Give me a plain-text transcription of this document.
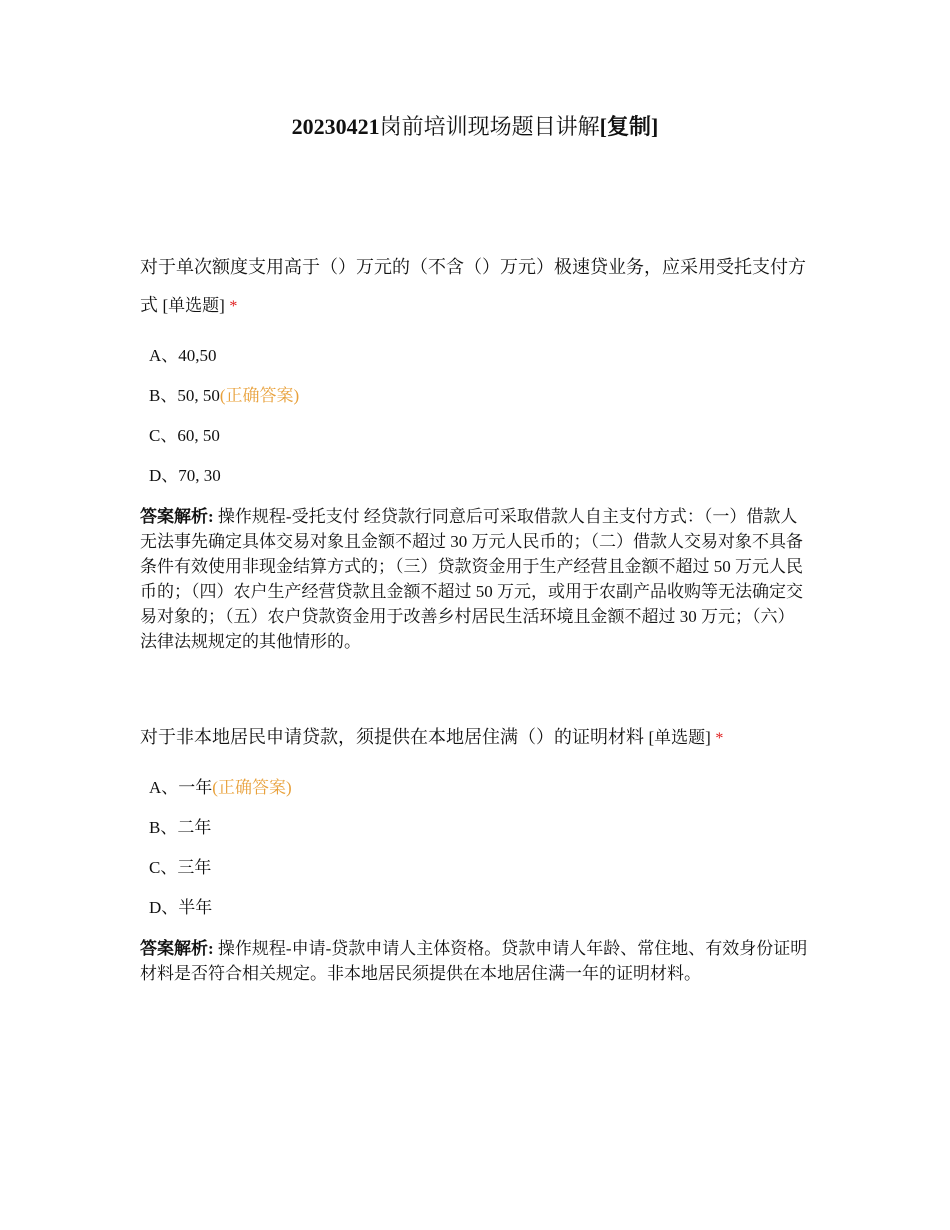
20230421岗前培训现场题目讲解[复制]

对于单次额度支用高于（）万元的（不含（）万元）极速贷业务，应采用受托支付方式 [单选题] *

A、40,50
B、50, 50(正确答案)
C、60, 50
D、70, 30
答案解析: 操作规程-受托支付 经贷款行同意后可采取借款人自主支付方式：（一）借款人无法事先确定具体交易对象且金额不超过 30 万元人民币的；（二）借款人交易对象不具备条件有效使用非现金结算方式的；（三）贷款资金用于生产经营且金额不超过 50 万元人民币的；（四）农户生产经营贷款且金额不超过 50 万元，或用于农副产品收购等无法确定交易对象的；（五）农户贷款资金用于改善乡村居民生活环境且金额不超过 30 万元；（六）法律法规规定的其他情形的。

对于非本地居民申请贷款，须提供在本地居住满（）的证明材料 [单选题] *

A、一年(正确答案)
B、二年
C、三年
D、半年
答案解析: 操作规程-申请-贷款申请人主体资格。贷款申请人年龄、常住地、有效身份证明材料是否符合相关规定。非本地居民须提供在本地居住满一年的证明材料。
